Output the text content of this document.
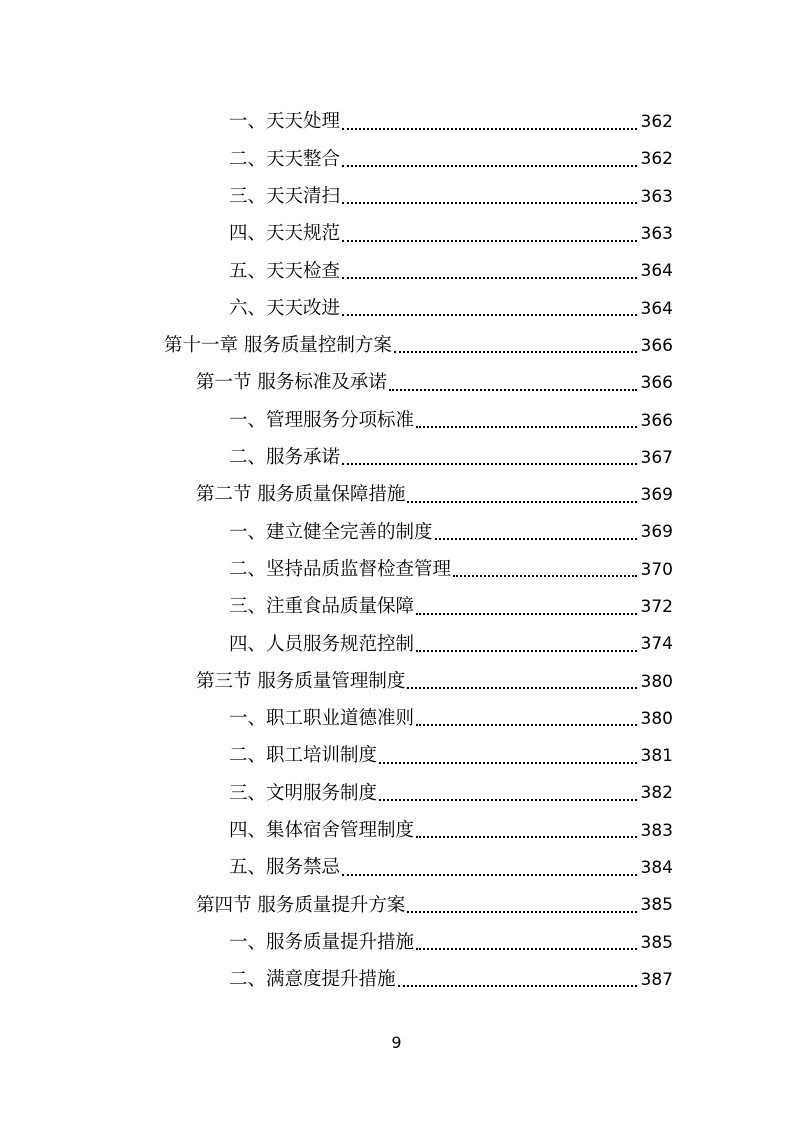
一、天天处理	362
二、天天整合	362
三、天天清扫	363
四、天天规范	363
五、天天检查	364
六、天天改进	364
第十一章 服务质量控制方案	366
第一节 服务标准及承诺	366
一、管理服务分项标准	366
二、服务承诺	367
第二节 服务质量保障措施	369
一、建立健全完善的制度	369
二、坚持品质监督检查管理	370
三、注重食品质量保障	372
四、人员服务规范控制	374
第三节 服务质量管理制度	380
一、职工职业道德准则	380
二、职工培训制度	381
三、文明服务制度	382
四、集体宿舍管理制度	383
五、服务禁忌	384
第四节 服务质量提升方案	385
一、服务质量提升措施	385
二、满意度提升措施	387
9
